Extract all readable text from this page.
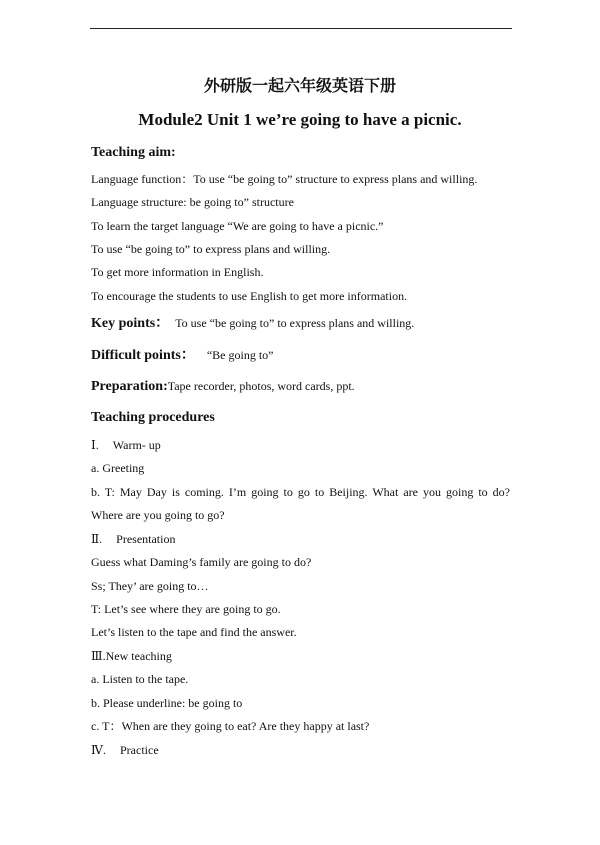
外研版一起六年级英语下册
Module2 Unit 1 we’re going to have a picnic.
Teaching aim:
Language function：To use “be going to” structure to express plans and willing.
Language structure: be going to” structure
To learn the target language “We are going to have a picnic.”
To use “be going to” to express plans and willing.
To get more information in English.
To encourage the students to use English to get more information.
Key points： To use “be going to” to express plans and willing.
Difficult points： “Be going to”
Preparation:Tape recorder, photos, word cards, ppt.
Teaching procedures
Ⅰ. Warm- up
a. Greeting
b. T: May Day is coming. I’m going to go to Beijing. What are you going to do?
Where are you going to go?
Ⅱ. Presentation
Guess what Daming’s family are going to do?
Ss; They’ are going to…
T: Let’s see where they are going to go.
Let’s listen to the tape and find the answer.
Ⅲ.New teaching
a. Listen to the tape.
b. Please underline: be going to
c. T：When are they going to eat? Are they happy at last?
Ⅳ. Practice
